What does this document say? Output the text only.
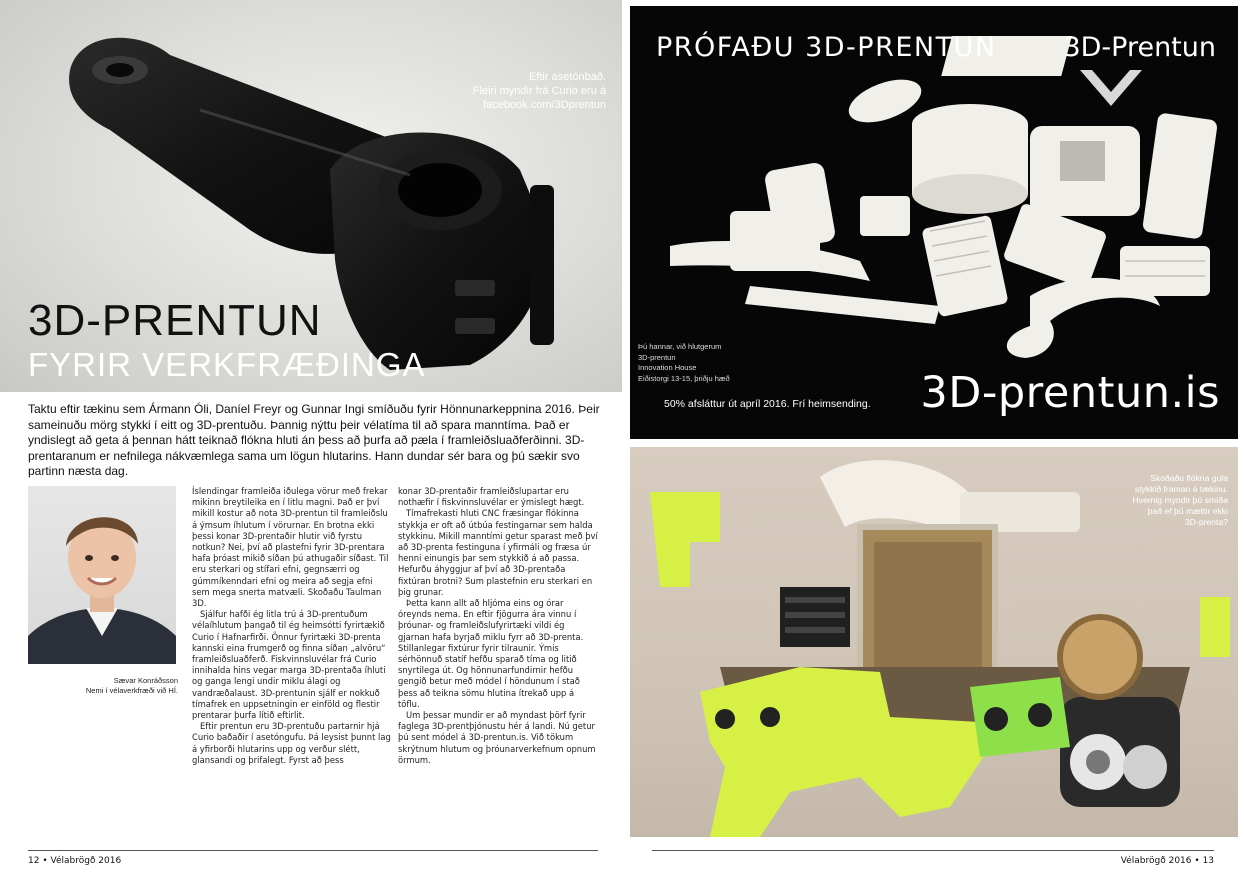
Eftir asetónbað.
Fleiri myndir frá Curio eru á
facebook.com/3Dprentun
3D-PRENTUN
FYRIR VERKFRÆÐINGA
Taktu eftir tækinu sem Ármann Óli, Daníel Freyr og Gunnar Ingi smíðuðu fyrir Hönnunarkeppnina 2016. Þeir sameinuðu mörg stykki í eitt og 3D-prentuðu. Þannig nýttu þeir vélatíma til að spara manntíma. Það er yndislegt að geta á þennan hátt teiknað flókna hluti án þess að þurfa að pæla í framleiðsluaðferðinni. 3D-prentaranum er nefnilega nákvæmlega sama um lögun hlutarins. Hann dundar sér bara og þú sækir svo partinn næsta dag.
Sævar Konráðsson
Nemi í vélaverkfræði við HÍ.

Íslendingar framleiða iðulega vörur með frekar mikinn breytileika en í litlu magni. Það er því mikill kostur að nota 3D-prentun til framleiðslu á ýmsum íhlutum í vörurnar. En brotna ekki þessi konar 3D-prentaðir hlutir við fyrstu notkun? Nei, því að plastefni fyrir 3D-prentara hafa þróast mikið síðan þú athugaðir síðast. Til eru sterkari og stífari efni, gegnsærri og gúmmíkenndari efni og meira að segja efni sem mega snerta matvæli. Skoðaðu Taulman 3D.

Sjálfur hafði ég litla trú á 3D-prentuðum vélaíhlutum þangað til ég heimsótti fyrirtækið Curio í Hafnarfirði. Önnur fyrirtæki 3D-prenta kannski eina frumgerð og finna síðan „alvöru“ framleiðsluaðferð. Fiskvinnsluvélar frá Curio innihalda hins vegar marga 3D-prentaða íhluti og ganga lengi undir miklu álagi og vandræðalaust. 3D-prentunin sjálf er nokkuð tímafrek en uppsetningin er einföld og flestir prentarar þurfa lítið eftirlit.

Eftir prentun eru 3D-prentuðu partarnir hjá Curio baðaðir í asetóngufu. Þá leysist þunnt lag á yfirborði hlutarins upp og verður slétt, glansandi og þrifalegt. Fyrst að þess

konar 3D-prentaðir framleiðslupartar eru nothæfir í fiskvinnsluvélar er ýmislegt hægt.

Tímafrekasti hluti CNC fræsingar flókinna stykkja er oft að útbúa festingarnar sem halda stykkinu. Mikill manntími getur sparast með því að 3D-prenta festinguna í yfirmáli og fræsa úr henni einungis þar sem stykkið á að passa. Hefurðu áhyggjur af því að 3D-prentaða fixtúran brotni? Sum plastefnin eru sterkari en þig grunar.

Þetta kann allt að hljóma eins og órar óreynds nema. En eftir fjögurra ára vinnu í þróunar- og framleiðslufyrirtæki vildi ég gjarnan hafa byrjað miklu fyrr að 3D-prenta. Stillanlegar fixtúrur fyrir tilraunir. Ýmis sérhönnuð statíf hefðu sparað tíma og litið snyrtilega út. Og hönnunarfundirnir hefðu gengið betur með módel í höndunum í stað þess að teikna sömu hlutina ítrekað upp á töflu.

Um þessar mundir er að myndast þörf fyrir faglega 3D-prentþjónustu hér á landi. Nú getur þú sent módel á 3D-prentun.is. Við tökum skrýtnum hlutum og þróunarverkefnum opnum örmum.

12 • Vélabrögð 2016
PRÓFAÐU 3D-PRENTUN 3D-Prentun
Þú hannar, við hlutgerum
3D-prentun
Innovation House
Eiðistorgi 13-15, þriðju hæð
50% afsláttur út apríl 2016. Frí heimsending. 3D-prentun.is
Skoðaðu flókna gula
stykkið framan á tækinu.
Hvernig myndir þú smíða
það ef þú mættir ekki
3D-prenta?
Vélabrögð 2016 • 13
